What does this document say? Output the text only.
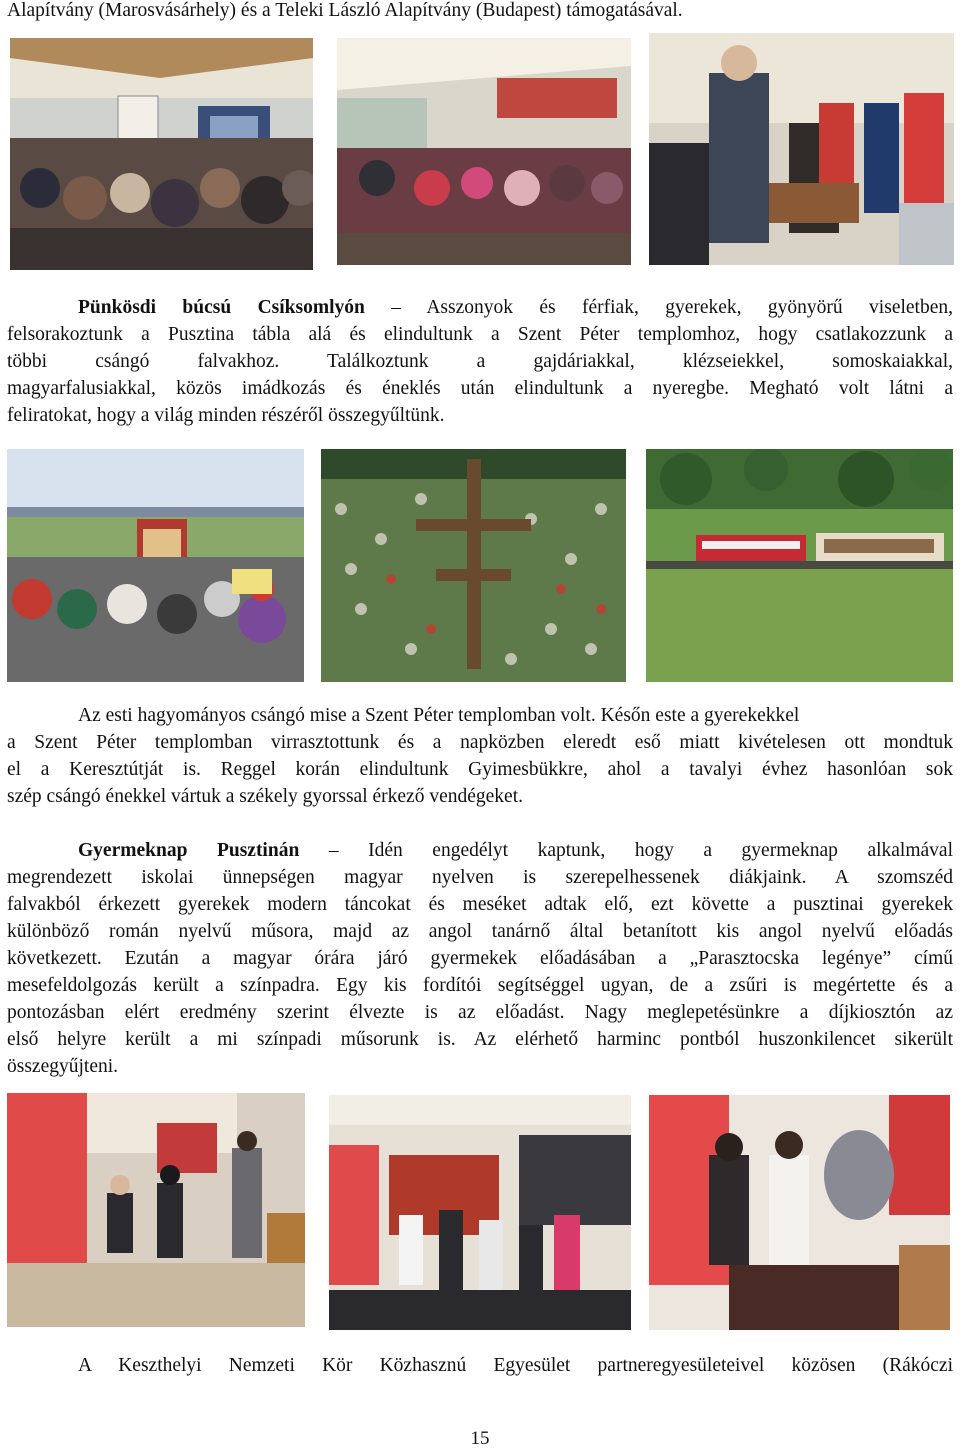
Alapítvány (Marosvásárhely) és a Teleki László Alapítvány (Budapest) támogatásával.
Pünkösdi búcsú Csíksomlyón – Asszonyok és férfiak, gyerekek, gyönyörű viseletben,
felsorakoztunk a Pusztina tábla alá és elindultunk a Szent Péter templomhoz, hogy csatlakozzunk a
többi csángó falvakhoz. Találkoztunk a gajdáriakkal, klézseiekkel, somoskaiakkal,
magyarfalusiakkal, közös imádkozás és éneklés után elindultunk a nyeregbe. Megható volt látni a
feliratokat, hogy a világ minden részéről összegyűltünk.
Az esti hagyományos csángó mise a Szent Péter templomban volt. Későn este a gyerekekkel
a Szent Péter templomban virrasztottunk és a napközben eleredt eső miatt kivételesen ott mondtuk
el a Keresztútját is. Reggel korán elindultunk Gyimesbükkre, ahol a tavalyi évhez hasonlóan sok
szép csángó énekkel vártuk a székely gyorssal érkező vendégeket.
Gyermeknap Pusztinán – Idén engedélyt kaptunk, hogy a gyermeknap alkalmával
megrendezett iskolai ünnepségen magyar nyelven is szerepelhessenek diákjaink. A szomszéd
falvakból érkezett gyerekek modern táncokat és meséket adtak elő, ezt követte a pusztinai gyerekek
különböző román nyelvű műsora, majd az angol tanárnő által betanított kis angol nyelvű előadás
következett. Ezután a magyar órára járó gyermekek előadásában a „Parasztocska legénye” című
mesefeldolgozás került a színpadra. Egy kis fordítói segítséggel ugyan, de a zsűri is megértette és a
pontozásban elért eredmény szerint élvezte is az előadást. Nagy meglepetésünkre a díjkiosztón az
első helyre került a mi színpadi műsorunk is. Az elérhető harminc pontból huszonkilencet sikerült
összegyűjteni.
A Keszthelyi Nemzeti Kör Közhasznú Egyesület partneregyesületeivel közösen (Rákóczi
15
